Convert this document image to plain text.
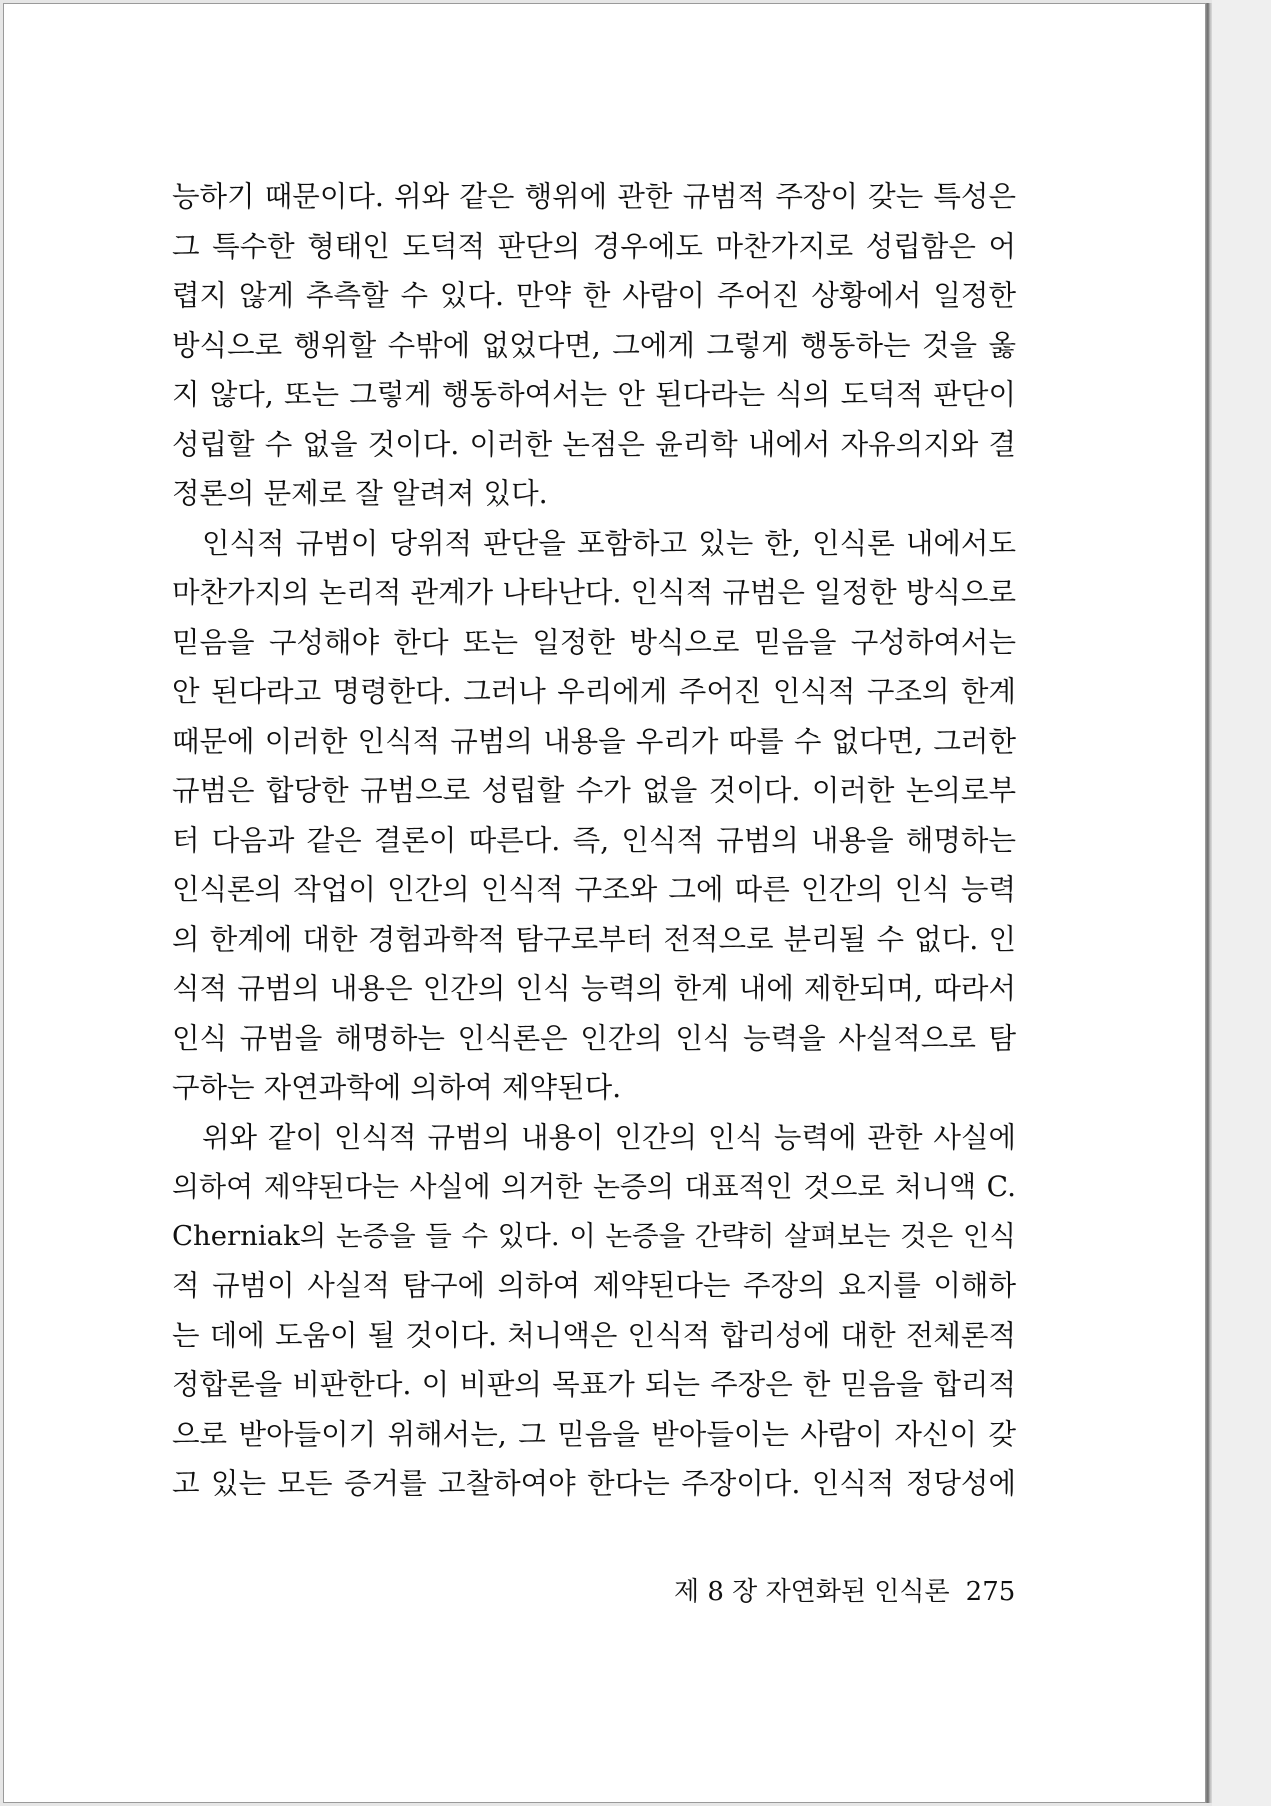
능하기 때문이다. 위와 같은 행위에 관한 규범적 주장이 갖는 특성은
그 특수한 형태인 도덕적 판단의 경우에도 마찬가지로 성립함은 어
렵지 않게 추측할 수 있다. 만약 한 사람이 주어진 상황에서 일정한
방식으로 행위할 수밖에 없었다면, 그에게 그렇게 행동하는 것을 옳
지 않다, 또는 그렇게 행동하여서는 안 된다라는 식의 도덕적 판단이
성립할 수 없을 것이다. 이러한 논점은 윤리학 내에서 자유의지와 결
정론의 문제로 잘 알려져 있다.
인식적 규범이 당위적 판단을 포함하고 있는 한, 인식론 내에서도
마찬가지의 논리적 관계가 나타난다. 인식적 규범은 일정한 방식으로
믿음을 구성해야 한다 또는 일정한 방식으로 믿음을 구성하여서는
안 된다라고 명령한다. 그러나 우리에게 주어진 인식적 구조의 한계
때문에 이러한 인식적 규범의 내용을 우리가 따를 수 없다면, 그러한
규범은 합당한 규범으로 성립할 수가 없을 것이다. 이러한 논의로부
터 다음과 같은 결론이 따른다. 즉, 인식적 규범의 내용을 해명하는
인식론의 작업이 인간의 인식적 구조와 그에 따른 인간의 인식 능력
의 한계에 대한 경험과학적 탐구로부터 전적으로 분리될 수 없다. 인
식적 규범의 내용은 인간의 인식 능력의 한계 내에 제한되며, 따라서
인식 규범을 해명하는 인식론은 인간의 인식 능력을 사실적으로 탐
구하는 자연과학에 의하여 제약된다.
위와 같이 인식적 규범의 내용이 인간의 인식 능력에 관한 사실에
의하여 제약된다는 사실에 의거한 논증의 대표적인 것으로 처니액 C.
Cherniak의 논증을 들 수 있다. 이 논증을 간략히 살펴보는 것은 인식
적 규범이 사실적 탐구에 의하여 제약된다는 주장의 요지를 이해하
는 데에 도움이 될 것이다. 처니액은 인식적 합리성에 대한 전체론적
정합론을 비판한다. 이 비판의 목표가 되는 주장은 한 믿음을 합리적
으로 받아들이기 위해서는, 그 믿음을 받아들이는 사람이 자신이 갖
고 있는 모든 증거를 고찰하여야 한다는 주장이다. 인식적 정당성에
제 8 장 자연화된 인식론 275
